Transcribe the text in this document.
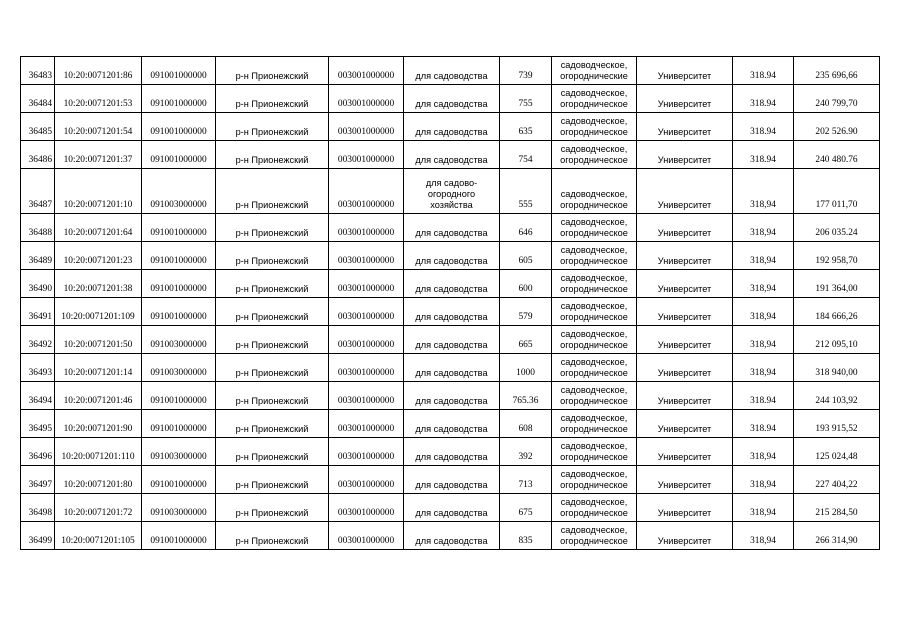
36483	10:20:0071201:86	091001000000	р-н Прионежский	003001000000	для садоводства	739	садоводческое, огороднические	Университет	318.94	235 696,66
36484	10:20:0071201:53	091001000000	р-н Прионежский	003001000000	для садоводства	755	садоводческое, огородническое	Университет	318.94	240 799,70
36485	10:20:0071201:54	091001000000	р-н Прионежский	003001000000	для садоводства	635	садоводческое, огородническое	Университет	318.94	202 526.90
36486	10:20:0071201:37	091001000000	р-н Прионежский	003001000000	для садоводства	754	садоводческое, огородническое	Университет	318.94	240 480.76
36487	10:20:0071201:10	091003000000	р-н Прионежский	003001000000	для садово-огородного хозяйства	555	садоводческое, огородническое	Университет	318,94	177 011,70
36488	10:20:0071201:64	091001000000	р-н Прионежский	003001000000	для садоводства	646	садоводческое, огородническое	Университет	318,94	206 035.24
36489	10:20:0071201:23	091001000000	р-н Прионежский	003001000000	для садоводства	605	садоводческое, огородническое	Университет	318,94	192 958,70
36490	10:20:0071201:38	091001000000	р-н Прионежский	003001000000	для садоводства	600	садоводческое, огородническое	Университет	318,94	191 364,00
36491	10:20:0071201:109	091001000000	р-н Прионежский	003001000000	для садоводства	579	садоводческое, огородническое	Университет	318,94	184 666,26
36492	10:20:0071201:50	091003000000	р-н Прионежский	003001000000	для садоводства	665	садоводческое, огородническое	Университет	318,94	212 095,10
36493	10:20:0071201:14	091003000000	р-н Прионежский	003001000000	для садоводства	1000	садоводческое, огородническое	Университет	318,94	318 940,00
36494	10:20:0071201:46	091001000000	р-н Прионежский	003001000000	для садоводства	765.36	садоводческое, огородническое	Университет	318.94	244 103,92
36495	10:20:0071201:90	091001000000	р-н Прионежский	003001000000	для садоводства	608	садоводческое, огородническое	Университет	318.94	193 915,52
36496	10:20:0071201:110	091003000000	р-н Прионежский	003001000000	для садоводства	392	садоводческое, огородническое	Университет	318,94	125 024,48
36497	10:20:0071201:80	091001000000	р-н Прионежский	003001000000	для садоводства	713	садоводческое, огородническое	Университет	318,94	227 404,22
36498	10:20:0071201:72	091003000000	р-н Прионежский	003001000000	для садоводства	675	садоводческое, огородническое	Университет	318,94	215 284,50
36499	10:20:0071201:105	091001000000	р-н Прионежский	003001000000	для садоводства	835	садоводческое, огородническое	Университет	318,94	266 314,90
